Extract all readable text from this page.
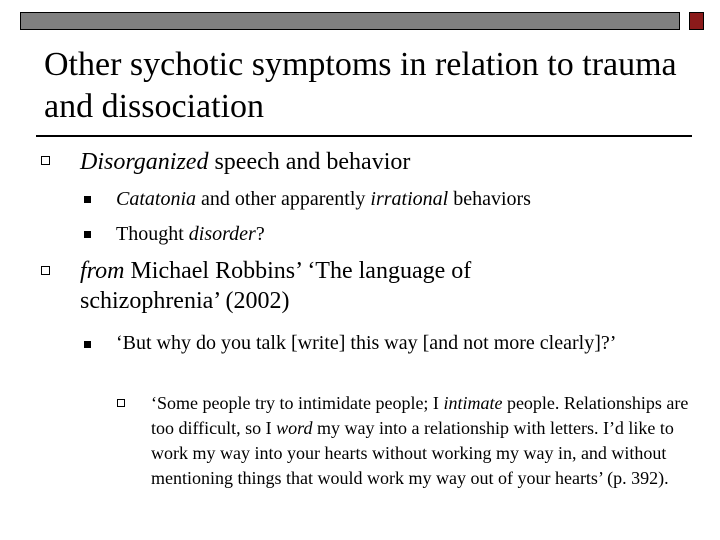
Other sychotic symptoms in relation to trauma and dissociation
Disorganized speech and behavior
Catatonia and other apparently irrational behaviors
Thought disorder?
from Michael Robbins’ ‘The language of schizophrenia’ (2002)
‘But why do you talk [write] this way [and not more clearly]?’
‘Some people try to intimidate people; I intimate people. Relationships are too difficult, so I word my way into a relationship with letters. I’d like to work my way into your hearts without working my way in, and without mentioning things that would work my way out of your hearts’ (p. 392).
